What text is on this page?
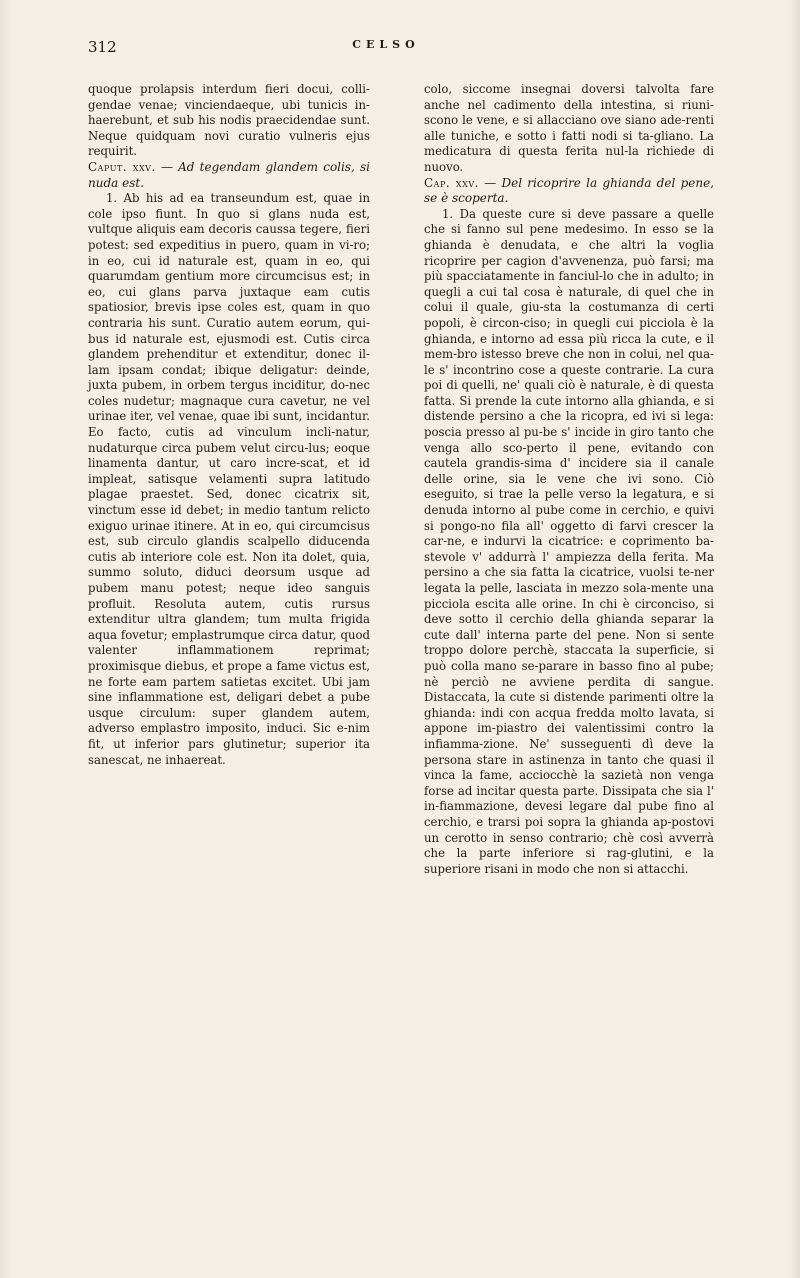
312	CELSO

quoque prolapsis interdum fieri docui, colli-gendae venae; vinciendaeque, ubi tunicis in-haerebunt, et sub his nodis praecidendae sunt. Neque quidquam novi curatio vulneris ejus requirit.

Caput. xxv. — Ad tegendam glandem colis, si nuda est.

1. Ab his ad ea transeundum est, quae in cole ipso fiunt. In quo si glans nuda est, vultque aliquis eam decoris caussa tegere, fieri potest: sed expeditius in puero, quam in vi-ro; in eo, cui id naturale est, quam in eo, qui quarumdam gentium more circumcisus est; in eo, cui glans parva juxtaque eam cutis spatiosior, brevis ipse coles est, quam in quo contraria his sunt. Curatio autem eorum, qui-bus id naturale est, ejusmodi est. Cutis circa glandem prehenditur et extenditur, donec il-lam ipsam condat; ibique deligatur: deinde, juxta pubem, in orbem tergus inciditur, do-nec coles nudetur; magnaque cura cavetur, ne vel urinae iter, vel venae, quae ibi sunt, incidantur. Eo facto, cutis ad vinculum incli-natur, nudaturque circa pubem velut circu-lus; eoque linamenta dantur, ut caro incre-scat, et id impleat, satisque velamenti supra latitudo plagae praestet. Sed, donec cicatrix sit, vinctum esse id debet; in medio tantum relicto exiguo urinae itinere. At in eo, qui circumcisus est, sub circulo glandis scalpello diducenda cutis ab interiore cole est. Non ita dolet, quia, summo soluto, diduci deorsum usque ad pubem manu potest; neque ideo sanguis profluit. Resoluta autem, cutis rursus extenditur ultra glandem; tum multa frigida aqua fovetur; emplastrumque circa datur, quod valenter inflammationem reprimat; proximisque diebus, et prope a fame victus est, ne forte eam partem satietas excitet. Ubi jam sine inflammatione est, deligari debet a pube usque circulum: super glandem autem, adverso emplastro imposito, induci. Sic e-nim fit, ut inferior pars glutinetur; superior ita sanescat, ne inhaereat.

colo, siccome insegnai doversi talvolta fare anche nel cadimento della intestina, si riuni-scono le vene, e si allacciano ove siano ade-renti alle tuniche, e sotto i fatti nodi si ta-gliano. La medicatura di questa ferita nul-la richiede di nuovo.

Cap. xxv. — Del ricoprire la ghianda del pene, se è scoperta.

1. Da queste cure si deve passare a quelle che si fanno sul pene medesimo. In esso se la ghianda è denudata, e che altri la voglia ricoprire per cagion d'avvenenza, può farsi; ma più spacciatamente in fanciul-lo che in adulto; in quegli a cui tal cosa è naturale, di quel che in colui il quale, giu-sta la costumanza di certi popoli, è circon-ciso; in quegli cui picciola è la ghianda, e intorno ad essa più ricca la cute, e il mem-bro istesso breve che non in colui, nel qua-le s' incontrino cose a queste contrarie. La cura poi di quelli, ne' quali ciò è naturale, è di questa fatta. Si prende la cute intorno alla ghianda, e si distende persino a che la ricopra, ed ivi si lega: poscia presso al pu-be s' incide in giro tanto che venga allo sco-perto il pene, evitando con cautela grandis-sima d' incidere sia il canale delle orine, sia le vene che ivi sono. Ciò eseguito, si trae la pelle verso la legatura, e si denuda intorno al pube come in cerchio, e quivi si pongo-no fila all' oggetto di farvi crescer la car-ne, e indurvi la cicatrice: e coprimento ba-stevole v' addurrà l' ampiezza della ferita. Ma persino a che sia fatta la cicatrice, vuolsi te-ner legata la pelle, lasciata in mezzo sola-mente una picciola escita alle orine. In chi è circonciso, si deve sotto il cerchio della ghianda separar la cute dall' interna parte del pene. Non si sente troppo dolore perchè, staccata la superficie, si può colla mano se-parare in basso fino al pube; nè perciò ne avviene perdita di sangue. Distaccata, la cute si distende parimenti oltre la ghianda: indi con acqua fredda molto lavata, si appone im-piastro dei valentissimi contro la infiamma-zione. Ne' susseguenti dì deve la persona stare in astinenza in tanto che quasi il vinca la fame, acciocchè la sazietà non venga forse ad incitar questa parte. Dissipata che sia l' in-fiammazione, devesi legare dal pube fino al cerchio, e trarsi poi sopra la ghianda ap-postovi un cerotto in senso contrario; chè così avverrà che la parte inferiore si rag-glutini, e la superiore risani in modo che non si attacchi.
